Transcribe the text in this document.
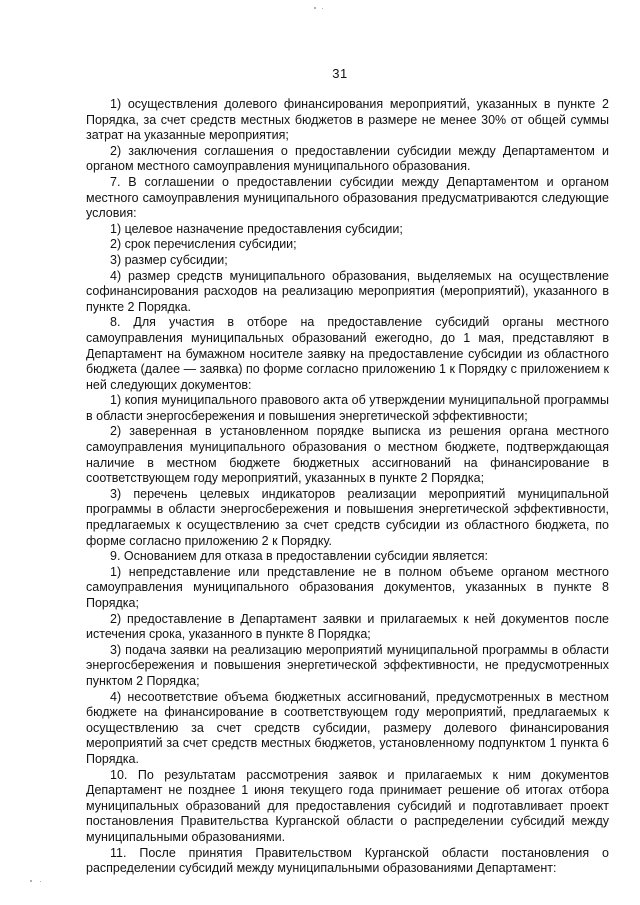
31

1) осуществления долевого финансирования мероприятий, указанных в пункте 2 Порядка, за счет средств местных бюджетов в размере не менее 30% от общей суммы затрат на указанные мероприятия;

2) заключения соглашения о предоставлении субсидии между Департаментом и органом местного самоуправления муниципального образования.

7. В соглашении о предоставлении субсидии между Департаментом и органом местного самоуправления муниципального образования предусматриваются следующие условия:

1) целевое назначение предоставления субсидии;

2) срок перечисления субсидии;

3) размер субсидии;

4) размер средств муниципального образования, выделяемых на осуществление софинансирования расходов на реализацию мероприятия (мероприятий), указанного в пункте 2 Порядка.

8. Для участия в отборе на предоставление субсидий органы местного самоуправления муниципальных образований ежегодно, до 1 мая, представляют в Департамент на бумажном носителе заявку на предоставление субсидии из областного бюджета (далее — заявка) по форме согласно приложению 1 к Порядку с приложением к ней следующих документов:

1) копия муниципального правового акта об утверждении муниципальной программы в области энергосбережения и повышения энергетической эффективности;

2) заверенная в установленном порядке выписка из решения органа местного самоуправления муниципального образования о местном бюджете, подтверждающая наличие в местном бюджете бюджетных ассигнований на финансирование в соответствующем году мероприятий, указанных в пункте 2 Порядка;

3) перечень целевых индикаторов реализации мероприятий муниципальной программы в области энергосбережения и повышения энергетической эффективности, предлагаемых к осуществлению за счет средств субсидии из областного бюджета, по форме согласно приложению 2 к Порядку.

9. Основанием для отказа в предоставлении субсидии является:

1) непредставление или представление не в полном объеме органом местного самоуправления муниципального образования документов, указанных в пункте 8 Порядка;

2) предоставление в Департамент заявки и прилагаемых к ней документов после истечения срока, указанного в пункте 8 Порядка;

3) подача заявки на реализацию мероприятий муниципальной программы в области энергосбережения и повышения энергетической эффективности, не предусмотренных пунктом 2 Порядка;

4) несоответствие объема бюджетных ассигнований, предусмотренных в местном бюджете на финансирование в соответствующем году мероприятий, предлагаемых к осуществлению за счет средств субсидии, размеру долевого финансирования мероприятий за счет средств местных бюджетов, установленному подпунктом 1 пункта 6 Порядка.

10. По результатам рассмотрения заявок и прилагаемых к ним документов Департамент не позднее 1 июня текущего года принимает решение об итогах отбора муниципальных образований для предоставления субсидий и подготавливает проект постановления Правительства Курганской области о распределении субсидий между муниципальными образованиями.

11. После принятия Правительством Курганской области постановления о распределении субсидий между муниципальными образованиями Департамент:
